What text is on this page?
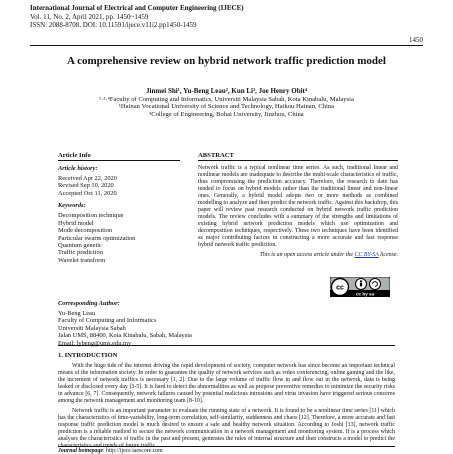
International Journal of Electrical and Computer Engineering (IJECE)
Vol. 11, No. 2, April 2021, pp. 1450~1459
ISSN: 2088-8708, DOI: 10.11591/ijece.v11i2.pp1450-1459
1450
A comprehensive review on hybrid network traffic prediction model
Jinmei Shi¹, Yu-Beng Leau², Kun Li³, Joe Henry Obit⁴
¹·²·⁴Faculty of Computing and Informatics, Universiti Malaysia Sabah, Kota Kinabalu, Malaysia
¹Hainan Vocational University of Science and Technology, Haikou Hainan, China
³College of Engineering, Bohai University, Jinzhou, China
Article Info
Article history:
Received Apr 22, 2020
Revised Sep 10, 2020
Accepted Oct 11, 2020
Keywords:
Decomposition technique
Hybrid model
Mode decomposition
Particular swarm optimization
Quantum genetic
Traffic prediction
Wavelet transform
ABSTRACT
Network traffic is a typical nonlinear time series. As such, traditional linear and nonlinear models are inadequate to describe the multi-scale characteristics of traffic, thus compromising the prediction accuracy. Therefore, the research to date has tended to focus on hybrid models rather than the traditional linear and non-linear ones. Generally, a hybrid model adopts two or more methods as combined modelling to analyze and then predict the network traffic. Against this backdrop, this paper will review past research conducted on hybrid network traffic prediction models. The review concludes with a summary of the strengths and limitations of existing hybrid network prediction models which use optimization and decomposition techniques, respectively. These two techniques have been identified as major contributing factors in constructing a more accurate and fast response hybrid network traffic prediction.
This is an open access article under the CC BY-SA license.
cc
cc by sa
Corresponding Author:
Yu-Beng Leau
Faculty of Computing and Informatics
Universiti Malaysia Sabah
Jalan UMS, 88400, Kota Kinabalu, Sabah, Malaysia
Email: lybeng@ums.edu.my
1. INTRODUCTION
With the huge tide of the internet driving the rapid development of society, computer network has since become an important technical means of the information society. In order to guarantee the quality of network services such as video conferencing, online gaming and the like, the increment of network traffics is necessary [1, 2]. Due to the large volume of traffic flow in and flow out in the network, data is being leaked or disclosed every day [3-5]. It is hard to detect the abnormalities as well as propose preventive remedies to minimize the security risks in advance [6, 7]. Consequently, network failures caused by potential malicious intrusions and virus invasion have triggered serious concerns among the network management and monitoring team [8-10].
Network traffic is an important parameter to evaluate the running state of a network. It is found to be a nonlinear time series [11] which has the characteristics of time-variability, long-term correlation, self-similarity, suddenness and chaos [12]. Therefore, a more accurate and fast response traffic prediction model is much desired to ensure a safe and healthy network situation. According to Joshi [13], network traffic prediction is a reliable method to secure the network communication in a network management and monitoring system. It is a process which analyses the characteristics of traffic in the past and present, generates the rules of internal structure and then constructs a model to predict the characteristics and trends of future traffic.
Journal homepage: http://ijece.iaescore.com
